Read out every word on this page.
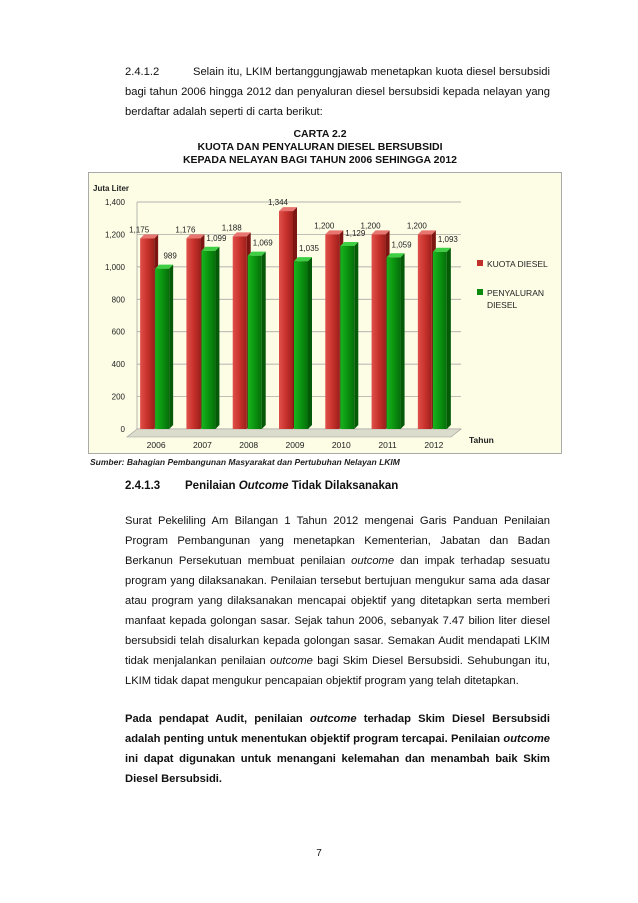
2.4.1.2	Selain itu, LKIM bertanggungjawab menetapkan kuota diesel bersubsidi bagi tahun 2006 hingga 2012 dan penyaluran diesel bersubsidi kepada nelayan yang berdaftar adalah seperti di carta berikut:
CARTA 2.2
KUOTA DAN PENYALURAN DIESEL BERSUBSIDI
KEPADA NELAYAN BAGI TAHUN 2006 SEHINGGA 2012
0
200
400
600
800
1,000
1,200
1,400
1,175
989
2006
1,176
1,099
2007
1,188
1,069
2008
1,344
1,035
2009
1,200
1,129
2010
1,200
1,059
2011
1,200
1,093
2012
Juta Liter
Tahun
KUOTA DIESEL
PENYALURAN DIESEL
Sumber: Bahagian Pembangunan Masyarakat dan Pertubuhan Nelayan LKIM
2.4.1.3 Penilaian Outcome Tidak Dilaksanakan
Surat Pekeliling Am Bilangan 1 Tahun 2012 mengenai Garis Panduan Penilaian Program Pembangunan yang menetapkan Kementerian, Jabatan dan Badan Berkanun Persekutuan membuat penilaian outcome dan impak terhadap sesuatu program yang dilaksanakan. Penilaian tersebut bertujuan mengukur sama ada dasar atau program yang dilaksanakan mencapai objektif yang ditetapkan serta memberi manfaat kepada golongan sasar. Sejak tahun 2006, sebanyak 7.47 bilion liter diesel bersubsidi telah disalurkan kepada golongan sasar. Semakan Audit mendapati LKIM tidak menjalankan penilaian outcome bagi Skim Diesel Bersubsidi. Sehubungan itu, LKIM tidak dapat mengukur pencapaian objektif program yang telah ditetapkan.
Pada pendapat Audit, penilaian outcome terhadap Skim Diesel Bersubsidi adalah penting untuk menentukan objektif program tercapai. Penilaian outcome ini dapat digunakan untuk menangani kelemahan dan menambah baik Skim Diesel Bersubsidi.
7
